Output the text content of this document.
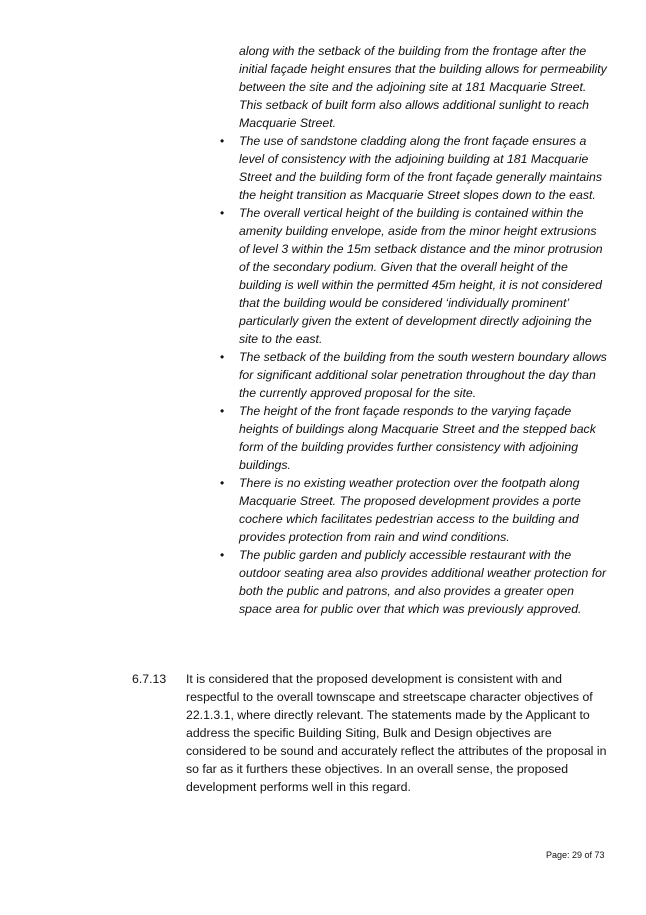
along with the setback of the building from the frontage after the initial façade height ensures that the building allows for permeability between the site and the adjoining site at 181 Macquarie Street. This setback of built form also allows additional sunlight to reach Macquarie Street.
• The use of sandstone cladding along the front façade ensures a level of consistency with the adjoining building at 181 Macquarie Street and the building form of the front façade generally maintains the height transition as Macquarie Street slopes down to the east.
• The overall vertical height of the building is contained within the amenity building envelope, aside from the minor height extrusions of level 3 within the 15m setback distance and the minor protrusion of the secondary podium. Given that the overall height of the building is well within the permitted 45m height, it is not considered that the building would be considered ‘individually prominent’ particularly given the extent of development directly adjoining the site to the east.
• The setback of the building from the south western boundary allows for significant additional solar penetration throughout the day than the currently approved proposal for the site.
• The height of the front façade responds to the varying façade heights of buildings along Macquarie Street and the stepped back form of the building provides further consistency with adjoining buildings.
• There is no existing weather protection over the footpath along Macquarie Street. The proposed development provides a porte cochere which facilitates pedestrian access to the building and provides protection from rain and wind conditions.
• The public garden and publicly accessible restaurant with the outdoor seating area also provides additional weather protection for both the public and patrons, and also provides a greater open space area for public over that which was previously approved.
6.7.13 It is considered that the proposed development is consistent with and respectful to the overall townscape and streetscape character objectives of 22.1.3.1, where directly relevant. The statements made by the Applicant to address the specific Building Siting, Bulk and Design objectives are considered to be sound and accurately reflect the attributes of the proposal in so far as it furthers these objectives. In an overall sense, the proposed development performs well in this regard.
Page: 29 of 73
